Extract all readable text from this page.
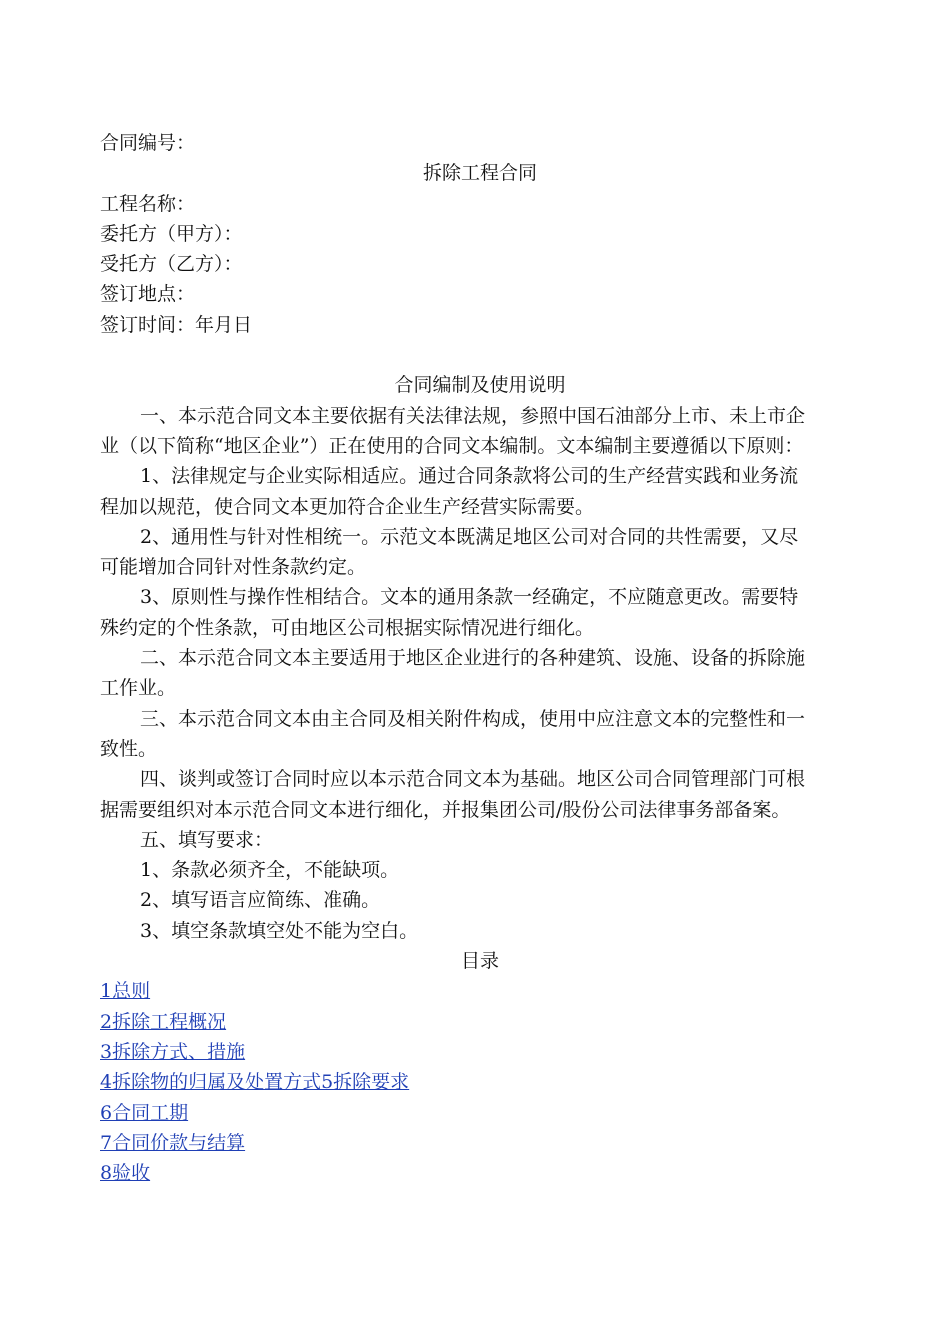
合同编号：
拆除工程合同
工程名称：
委托方（甲方）：
受托方（乙方）：
签订地点：
签订时间：年月日
合同编制及使用说明
一、本示范合同文本主要依据有关法律法规，参照中国石油部分上市、未上市企
业（以下简称“地区企业”）正在使用的合同文本编制。文本编制主要遵循以下原则：
1、法律规定与企业实际相适应。通过合同条款将公司的生产经营实践和业务流
程加以规范，使合同文本更加符合企业生产经营实际需要。
2、通用性与针对性相统一。示范文本既满足地区公司对合同的共性需要，又尽
可能增加合同针对性条款约定。
3、原则性与操作性相结合。文本的通用条款一经确定，不应随意更改。需要特
殊约定的个性条款，可由地区公司根据实际情况进行细化。
二、本示范合同文本主要适用于地区企业进行的各种建筑、设施、设备的拆除施
工作业。
三、本示范合同文本由主合同及相关附件构成，使用中应注意文本的完整性和一
致性。
四、谈判或签订合同时应以本示范合同文本为基础。地区公司合同管理部门可根
据需要组织对本示范合同文本进行细化，并报集团公司/股份公司法律事务部备案。
五、填写要求：
1、条款必须齐全，不能缺项。
2、填写语言应简练、准确。
3、填空条款填空处不能为空白。
目录
1总则
2拆除工程概况
3拆除方式、措施
4拆除物的归属及处置方式5拆除要求
6合同工期
7合同价款与结算
8验收
